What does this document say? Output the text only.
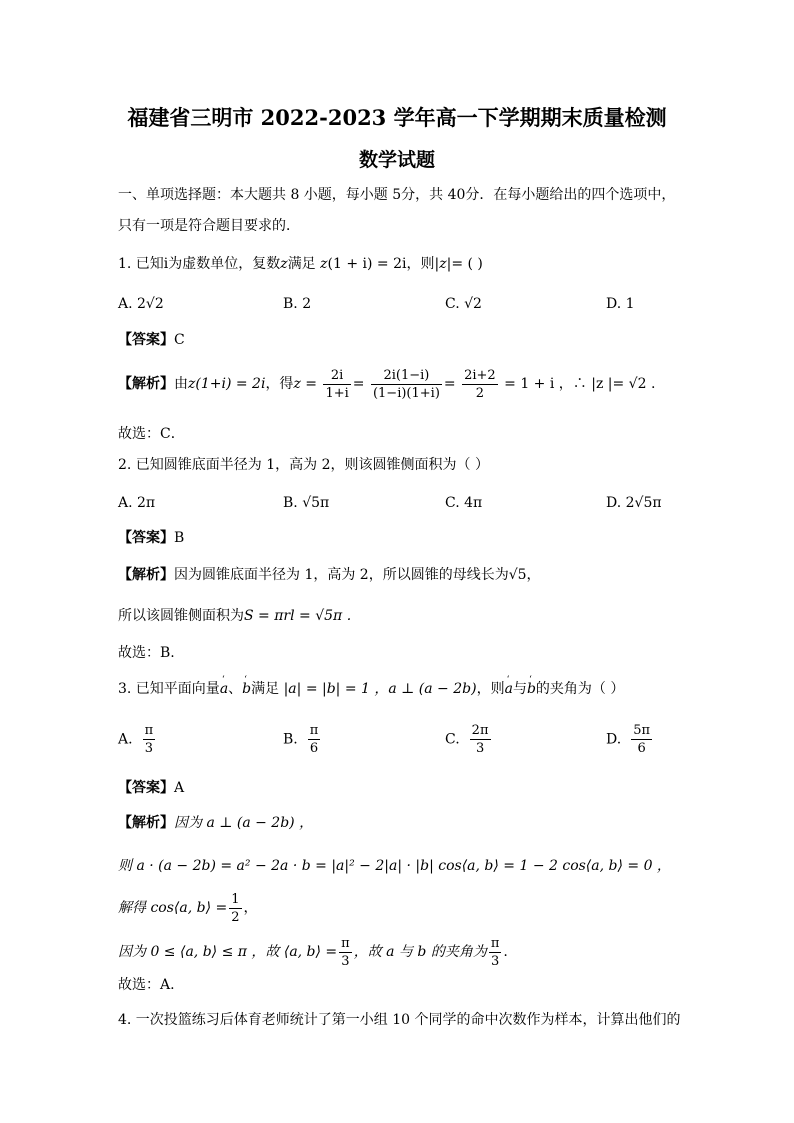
福建省三明市 2022-2023 学年高一下学期期末质量检测
数学试题
一、单项选择题：本大题共 8 小题，每小题 5分，共 40分．在每小题给出的四个选项中，
只有一项是符合题目要求的．
1. 已知i为虚数单位，复数z满足 z(1 + i) = 2i，则|z|= ( )
A. 2√2	B. 2	C. √2	D. 1
【答案】C
【解析】由z(1+i) = 2i，得$z = \frac{2i}{1+i} = \frac{2i(1-i)}{(1-i)(1+i)} = \frac{2i+2}{2} = 1 + i$ ，∴ |z |= √2 .
故选：C．
2. 已知圆锥底面半径为 1，高为 2，则该圆锥侧面积为（ ）
A. 2π	B. √5π	C. 4π	D. 2√5π
【答案】B
【解析】因为圆锥底面半径为 1，高为 2，所以圆锥的母线长为√5，
所以该圆锥侧面积为S = πrl = √5π .
故选：B.
3. 已知平面向量‘ a、‘ b满足 |a| = |b| = 1 ，a ⊥ (a − 2b)，则‘ a与‘ b的夹角为（ ）
A. $\frac{\pi}{3}$	B. $\frac{\pi}{6}$	C. $\frac{2\pi}{3}$	D. $\frac{5\pi}{6}$
【答案】A
【解析】因为 a ⊥ (a − 2b) ，
则 a · (a − 2b) = a² − 2a · b = |a|² − 2|a| · |b| cos⟨a, b⟩ = 1 − 2 cos⟨a, b⟩ = 0 ，
解得 cos⟨a, b⟩ = $\frac{1}{2}$ ，
因为 0 ≤ ⟨a, b⟩ ≤ π ，故 ⟨a, b⟩ = $\frac{\pi}{3}$ ，故 a 与 b 的夹角为 $\frac{\pi}{3}$ .
故选：A.
4. 一次投篮练习后体育老师统计了第一小组 10 个同学的命中次数作为样本，计算出他们的
